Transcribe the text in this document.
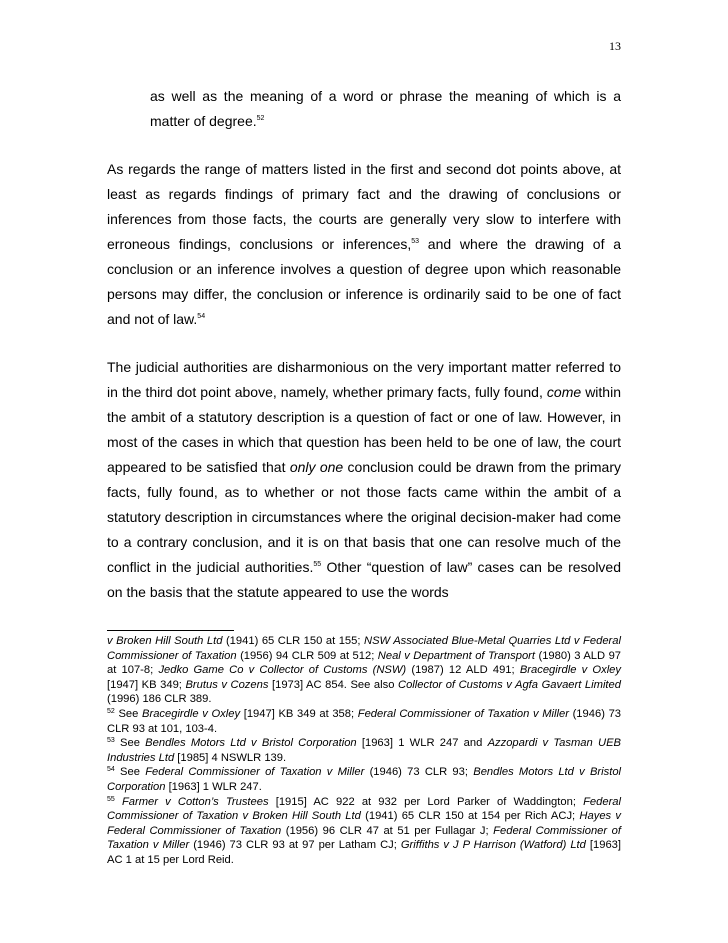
13

as well as the meaning of a word or phrase the meaning of which is a matter of degree.$^{52}$

As regards the range of matters listed in the first and second dot points above, at least as regards findings of primary fact and the drawing of conclusions or inferences from those facts, the courts are generally very slow to interfere with erroneous findings, conclusions or inferences,$^{53}$ and where the drawing of a conclusion or an inference involves a question of degree upon which reasonable persons may differ, the conclusion or inference is ordinarily said to be one of fact and not of law.$^{54}$

The judicial authorities are disharmonious on the very important matter referred to in the third dot point above, namely, whether primary facts, fully found, come within the ambit of a statutory description is a question of fact or one of law. However, in most of the cases in which that question has been held to be one of law, the court appeared to be satisfied that only one conclusion could be drawn from the primary facts, fully found, as to whether or not those facts came within the ambit of a statutory description in circumstances where the original decision-maker had come to a contrary conclusion, and it is on that basis that one can resolve much of the conflict in the judicial authorities.$^{55}$ Other “question of law” cases can be resolved on the basis that the statute appeared to use the words

v Broken Hill South Ltd (1941) 65 CLR 150 at 155; NSW Associated Blue-Metal Quarries Ltd v Federal Commissioner of Taxation (1956) 94 CLR 509 at 512; Neal v Department of Transport (1980) 3 ALD 97 at 107-8; Jedko Game Co v Collector of Customs (NSW) (1987) 12 ALD 491; Bracegirdle v Oxley [1947] KB 349; Brutus v Cozens [1973] AC 854. See also Collector of Customs v Agfa Gavaert Limited (1996) 186 CLR 389.

$^{52}$ See Bracegirdle v Oxley [1947] KB 349 at 358; Federal Commissioner of Taxation v Miller (1946) 73 CLR 93 at 101, 103-4.

$^{53}$ See Bendles Motors Ltd v Bristol Corporation [1963] 1 WLR 247 and Azzopardi v Tasman UEB Industries Ltd [1985] 4 NSWLR 139.

$^{54}$ See Federal Commissioner of Taxation v Miller (1946) 73 CLR 93; Bendles Motors Ltd v Bristol Corporation [1963] 1 WLR 247.

$^{55}$ Farmer v Cotton’s Trustees [1915] AC 922 at 932 per Lord Parker of Waddington; Federal Commissioner of Taxation v Broken Hill South Ltd (1941) 65 CLR 150 at 154 per Rich ACJ; Hayes v Federal Commissioner of Taxation (1956) 96 CLR 47 at 51 per Fullagar J; Federal Commissioner of Taxation v Miller (1946) 73 CLR 93 at 97 per Latham CJ; Griffiths v J P Harrison (Watford) Ltd [1963] AC 1 at 15 per Lord Reid.
